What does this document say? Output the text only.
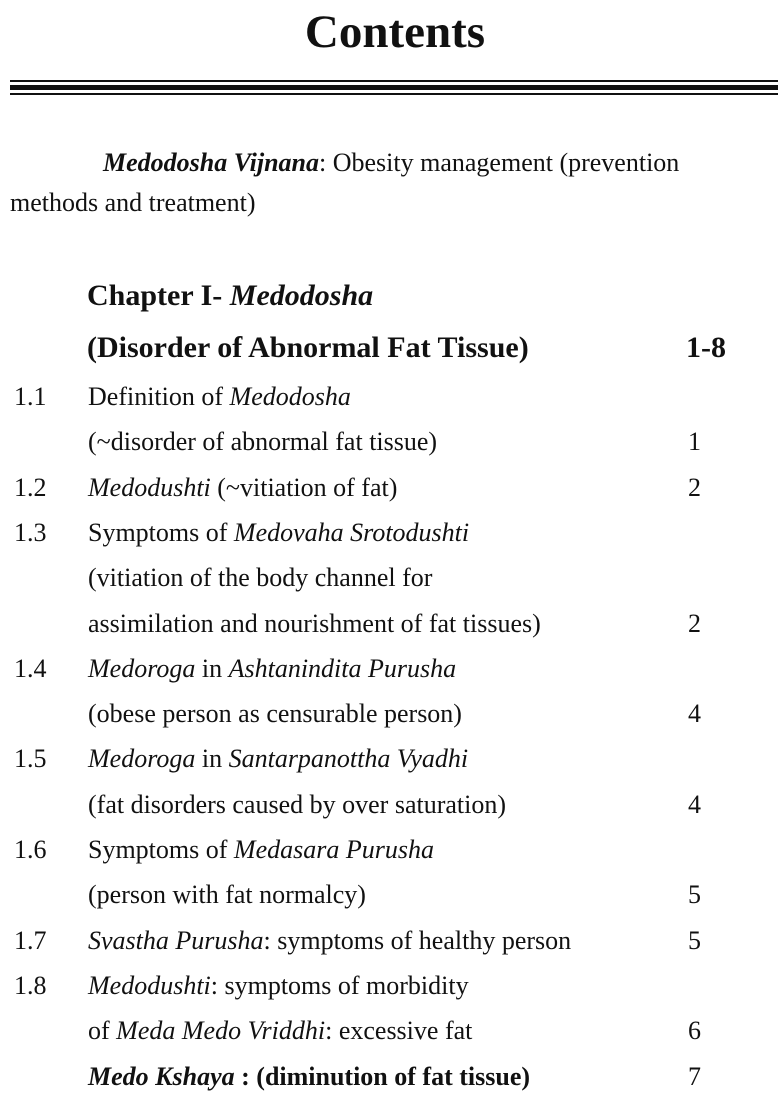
Contents
Medodosha Vijnana: Obesity management (prevention
methods and treatment)
Chapter I- Medodosha
(Disorder of Abnormal Fat Tissue)	1-8
1.1 Definition of Medodosha
(~disorder of abnormal fat tissue)	1
1.2 Medodushti (~vitiation of fat)	2
1.3 Symptoms of Medovaha Srotodushti
(vitiation of the body channel for
assimilation and nourishment of fat tissues)	2
1.4 Medoroga in Ashtanindita Purusha
(obese person as censurable person)	4
1.5 Medoroga in Santarpanottha Vyadhi
(fat disorders caused by over saturation)	4
1.6 Symptoms of Medasara Purusha
(person with fat normalcy)	5
1.7 Svastha Purusha: symptoms of healthy person	5
1.8 Medodushti: symptoms of morbidity
of Meda Medo Vriddhi: excessive fat	6
Medo Kshaya : (diminution of fat tissue)	7
